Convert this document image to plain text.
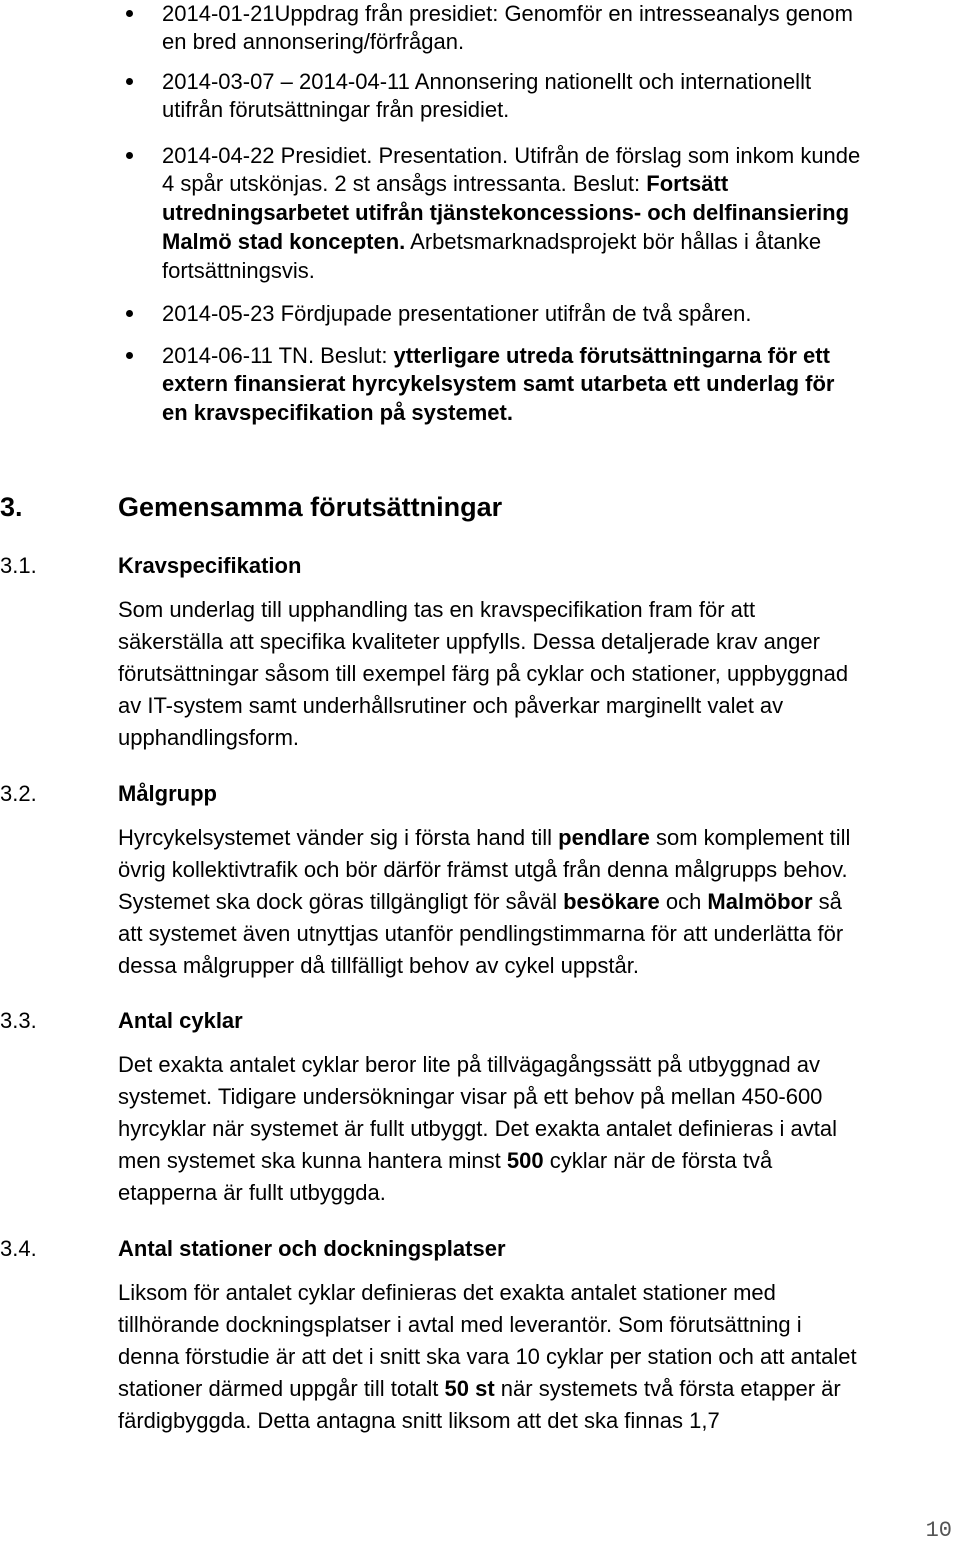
2014-01-21Uppdrag från presidiet: Genomför en intresseanalys genom
en bred annonsering/förfrågan.
2014-03-07 – 2014-04-11 Annonsering nationellt och internationellt
utifrån förutsättningar från presidiet.
2014-04-22 Presidiet. Presentation. Utifrån de förslag som inkom kunde
4 spår utskönjas. 2 st ansågs intressanta. Beslut: Fortsätt
utredningsarbetet utifrån tjänstekoncessions- och delfinansiering
Malmö stad koncepten. Arbetsmarknadsprojekt bör hållas i åtanke
fortsättningsvis.
2014-05-23 Fördjupade presentationer utifrån de två spåren.
2014-06-11 TN. Beslut: ytterligare utreda förutsättningarna för ett
extern finansierat hyrcykelsystem samt utarbeta ett underlag för
en kravspecifikation på systemet.
3.	Gemensamma förutsättningar
3.1.	Kravspecifikation
Som underlag till upphandling tas en kravspecifikation fram för att
säkerställa att specifika kvaliteter uppfylls. Dessa detaljerade krav anger
förutsättningar såsom till exempel färg på cyklar och stationer, uppbyggnad
av IT-system samt underhållsrutiner och påverkar marginellt valet av
upphandlingsform.
3.2.	Målgrupp
Hyrcykelsystemet vänder sig i första hand till pendlare som komplement till
övrig kollektivtrafik och bör därför främst utgå från denna målgrupps behov.
Systemet ska dock göras tillgängligt för såväl besökare och Malmöbor så
att systemet även utnyttjas utanför pendlingstimmarna för att underlätta för
dessa målgrupper då tillfälligt behov av cykel uppstår.
3.3.	Antal cyklar
Det exakta antalet cyklar beror lite på tillvägagångssätt på utbyggnad av
systemet. Tidigare undersökningar visar på ett behov på mellan 450-600
hyrcyklar när systemet är fullt utbyggt. Det exakta antalet definieras i avtal
men systemet ska kunna hantera minst 500 cyklar när de första två
etapperna är fullt utbyggda.
3.4.	Antal stationer och dockningsplatser
Liksom för antalet cyklar definieras det exakta antalet stationer med
tillhörande dockningsplatser i avtal med leverantör. Som förutsättning i
denna förstudie är att det i snitt ska vara 10 cyklar per station och att antalet
stationer därmed uppgår till totalt 50 st när systemets två första etapper är
färdigbyggda. Detta antagna snitt liksom att det ska finnas 1,7
10
